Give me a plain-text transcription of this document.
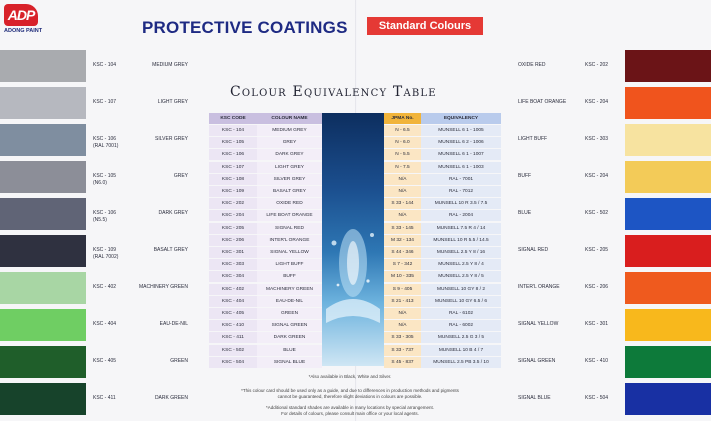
ADP
ADONG PAINT	PROTECTIVE COATINGS	Standard Colours
Colour Equivalency Table
KSC - 104	MEDIUM GREY
KSC - 107	LIGHT GREY
KSC - 106
(RAL 7001)
SILVER GREY
KSC - 105
(N6.0)
GREY
KSC - 106
(N5.5)
DARK GREY
KSC - 109
(RAL 7002)
BASALT GREY
KSC - 402	MACHINERY GREEN
KSC - 404	EAU-DE-NIL
KSC - 405	GREEN
KSC - 411	DARK GREEN
KSC - 202
OXIDE RED
KSC - 204
LIFE BOAT ORANGE
KSC - 303
LIGHT BUFF
KSC - 204
BUFF
KSC - 502
BLUE
KSC - 205
SIGNAL RED
KSC - 206
INTER'L ORANGE
KSC - 301
SIGNAL YELLOW
KSC - 410
SIGNAL GREEN
KSC - 504
SIGNAL BLUE
KSC CODE	COLOUR NAME	JPMA No.	EQUIVALENCY
KSC - 104	MEDIUM GREY	N - 6.5	MUNSELL 6 1 - 1005
KSC - 105	GREY	N - 6.0	MUNSELL 6 2 - 1006
KSC - 106	DARK GREY	N - 5.5	MUNSELL 6 1 - 1007
KSC - 107	LIGHT GREY	N - 7.5	MUNSELL 6 1 - 1003
KSC - 108	SILVER GREY	N/A	RAL - 7001
KSC - 109	BASALT GREY	N/A	RAL - 7012
KSC - 202	OXIDE RED	S 33 - 144	MUNSELL 10 R 3.5 / 7.5
KSC - 204	LIFE BOAT ORANGE	N/A	RAL - 2004
KSC - 205	SIGNAL RED	S 33 - 145	MUNSELL 7.5 R 4 / 14
KSC - 206	INTER'L ORANGE	M 32 - 134	MUNSELL 10 R 5.5 / 14.5
KSC - 301	SIGNAL YELLOW	S 44 - 346	MUNSELL 2.5 Y 8 / 16
KSC - 303	LIGHT BUFF	S 7 - 342	MUNSELL 2.5 Y 8 / 4
KSC - 304	BUFF	M 10 - 335	MUNSELL 2.5 Y 8 / 5
KSC - 402	MACHINERY GREEN	S 9 - 405	MUNSELL 10 GY 8 / 2
KSC - 404	EAU-DE-NIL	S 21 - 413	MUNSELL 10 GY 6.5 / 6
KSC - 405	GREEN	N/A	RAL - 6102
KSC - 410	SIGNAL GREEN	N/A	RAL - 6002
KSC - 411	DARK GREEN	S 33 - 305	MUNSELL 2.5 G 3 / 5
KSC - 502	BLUE	S 33 - 737	MUNSELL 10 B 4 / 7
KSC - 504	SIGNAL BLUE	S 45 - 837	MUNSELL 2.5 PB 3.5 / 10
*Also available in Black, White and Silver.
*This colour card should be used only as a guide, and due to differences in production methods and pigments
cannot be guaranteed, therefore slight deviations in colours are possible.
*Additional standard shades are available in many locations by special arrangement.
For details of colours, please consult main office or your local agents.
